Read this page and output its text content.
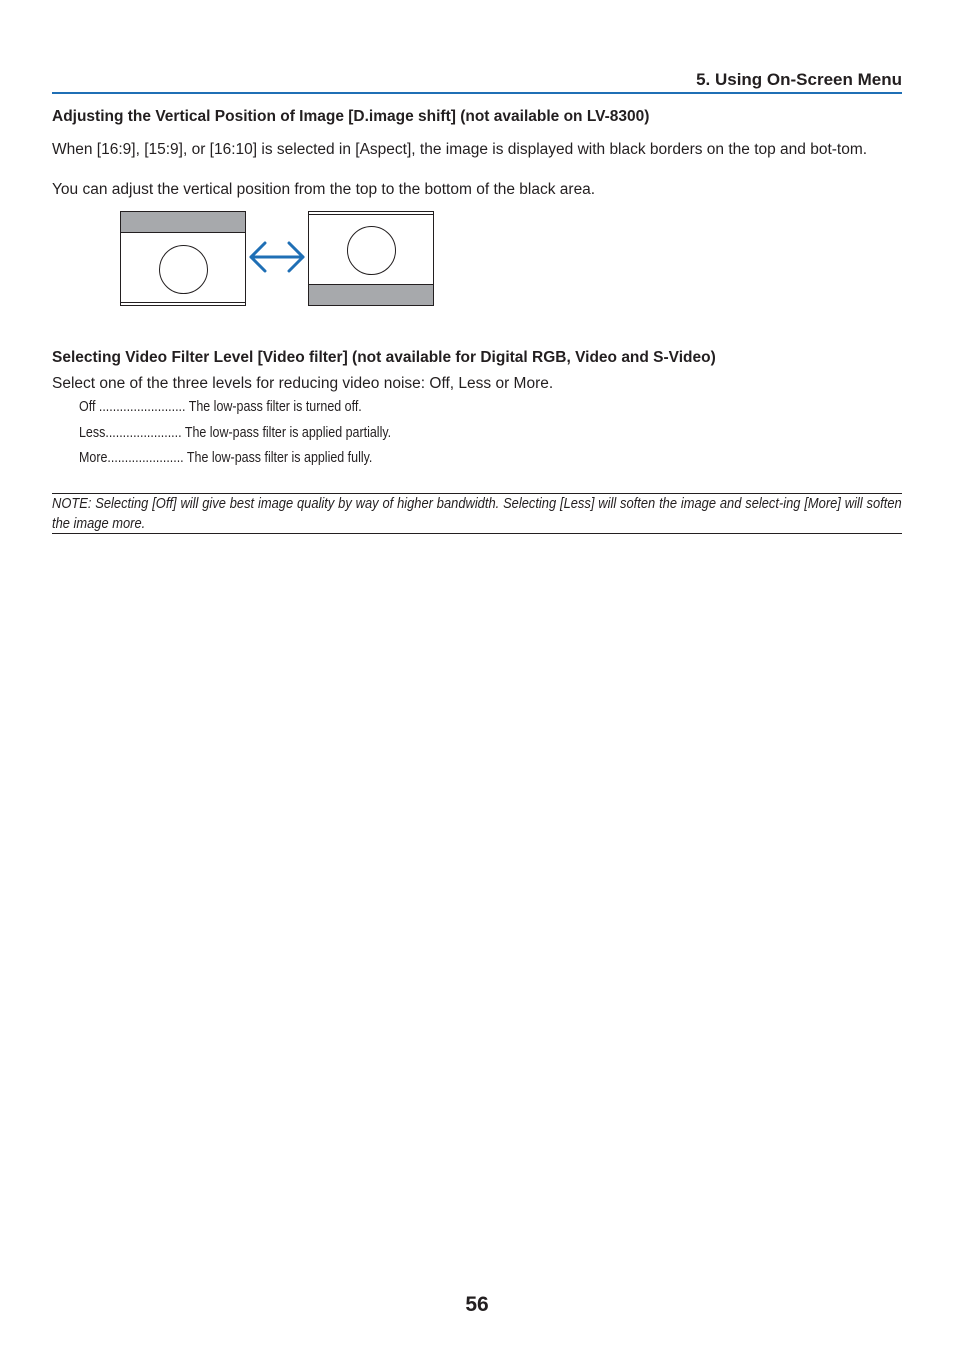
5. Using On-Screen Menu
Adjusting the Vertical Position of Image [D.image shift] (not available on LV-8300)
When [16:9], [15:9], or [16:10] is selected in [Aspect], the image is displayed with black borders on the top and bot-tom.
You can adjust the vertical position from the top to the bottom of the black area.
Selecting Video Filter Level [Video filter] (not available for Digital RGB, Video and S-Video)
Select one of the three levels for reducing video noise: Off, Less or More.
Off ......................... The low-pass filter is turned off.
Less...................... The low-pass filter is applied partially.
More...................... The low-pass filter is applied fully.
NOTE: Selecting [Off] will give best image quality by way of higher bandwidth. Selecting [Less] will soften the image and select-ing [More] will soften the image more.
56
